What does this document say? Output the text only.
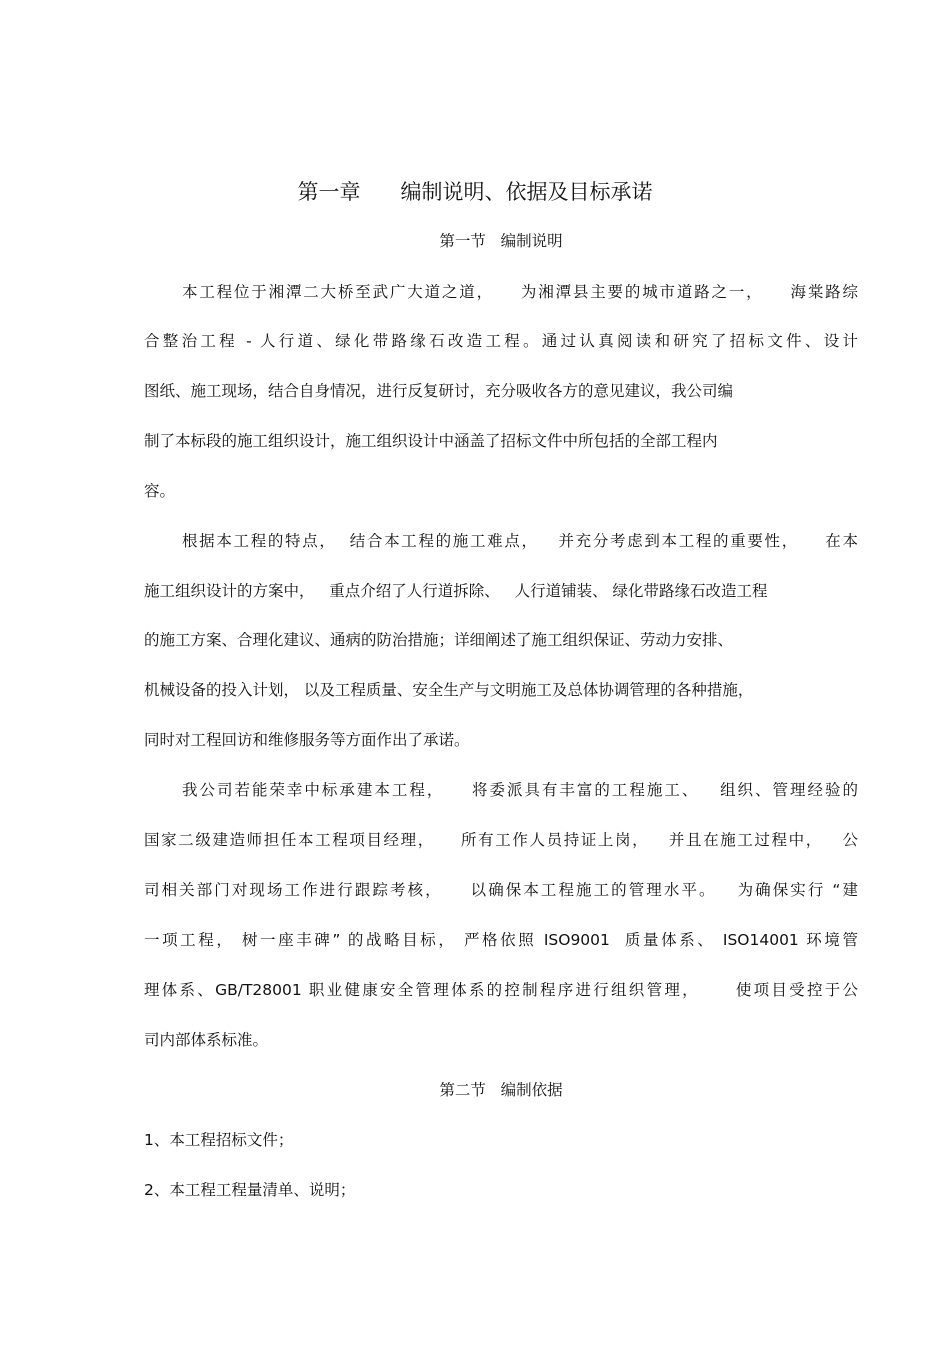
第一章      编制说明、依据及目标承诺
第一节   编制说明
本工程位于湘潭二大桥至武广大道之道，    为湘潭县主要的城市道路之一，    海棠路综
合整治工程 - 人行道、绿化带路缘石改造工程。通过认真阅读和研究了招标文件、设计
图纸、施工现场，结合自身情况，进行反复研讨，充分吸收各方的意见建议，我公司编
制了本标段的施工组织设计，施工组织设计中涵盖了招标文件中所包括的全部工程内
容。
根据本工程的特点，  结合本工程的施工难点，   并充分考虑到本工程的重要性，    在本
施工组织设计的方案中，   重点介绍了人行道拆除、   人行道铺装、 绿化带路缘石改造工程
的施工方案、合理化建议、通病的防治措施；详细阐述了施工组织保证、劳动力安排、
机械设备的投入计划， 以及工程质量、安全生产与文明施工及总体协调管理的各种措施，
同时对工程回访和维修服务等方面作出了承诺。
我公司若能荣幸中标承建本工程，    将委派具有丰富的工程施工、   组织、管理经验的
国家二级建造师担任本工程项目经理，    所有工作人员持证上岗，   并且在施工过程中，   公
司相关部门对现场工作进行跟踪考核，    以确保本工程施工的管理水平。   为确保实行 “建
一项工程， 树一座丰碑” 的战略目标， 严格依照 ISO9001  质量体系、 ISO14001 环境管
理体系、GB/T28001 职业健康安全管理体系的控制程序进行组织管理，     使项目受控于公
司内部体系标准。
第二节   编制依据
1、本工程招标文件；
2、本工程工程量清单、说明；
